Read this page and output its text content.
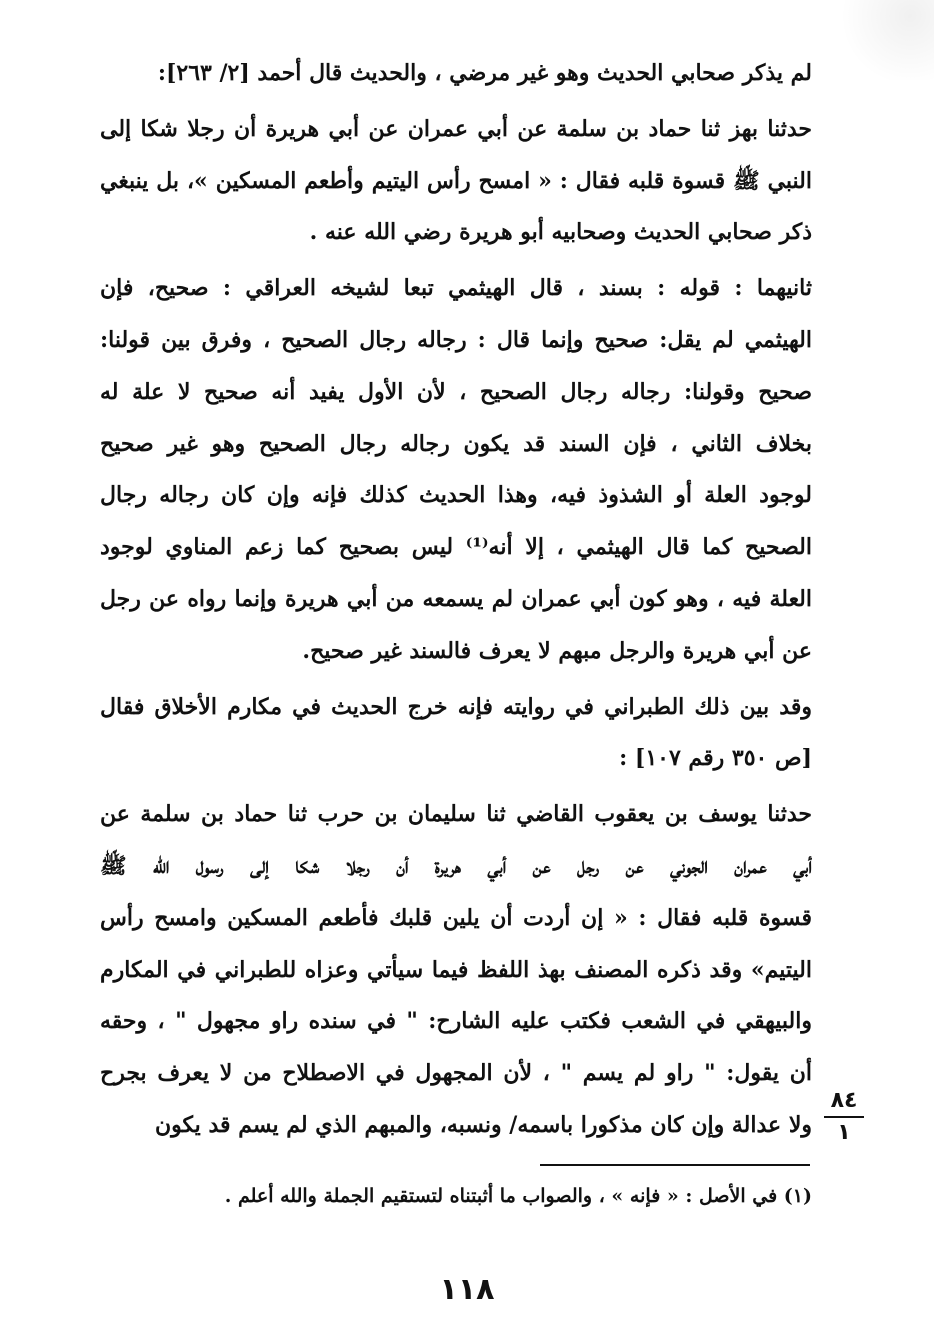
لم يذكر صحابي الحديث وهو غير مرضي ، والحديث قال أحمد [٢/ ٢٦٣]:
حدثنا بهز ثنا حماد بن سلمة عن أبي عمران عن أبي هريرة أن رجلا شكا إلى
النبي ﷺ قسوة قلبه فقال : « امسح رأس اليتيم وأطعم المسكين »، بل ينبغي
ذكر صحابي الحديث وصحابيه أبو هريرة رضي الله عنه .
ثانيهما : قوله : بسند ، قال الهيثمي تبعا لشيخه العراقي : صحيح، فإن
الهيثمي لم يقل: صحيح وإنما قال : رجاله رجال الصحيح ، وفرق بين قولنا:
صحيح وقولنا: رجاله رجال الصحيح ، لأن الأول يفيد أنه صحيح لا علة له
بخلاف الثاني ، فإن السند قد يكون رجاله رجال الصحيح وهو غير صحيح
لوجود العلة أو الشذوذ فيه، وهذا الحديث كذلك فإنه وإن كان رجاله رجال
الصحيح كما قال الهيثمي ، إلا أنه⁽¹⁾ ليس بصحيح كما زعم المناوي لوجود
العلة فيه ، وهو كون أبي عمران لم يسمعه من أبي هريرة وإنما رواه عن رجل
عن أبي هريرة والرجل مبهم لا يعرف فالسند غير صحيح.
وقد بين ذلك الطبراني في روايته فإنه خرج الحديث في مكارم الأخلاق فقال
[ص ٣٥٠ رقم ١٠٧] :
حدثنا يوسف بن يعقوب القاضي ثنا سليمان بن حرب ثنا حماد بن سلمة عن
أبي عمران الجوني عن رجل عن أبي هريرة أن رجلا شكا إلى رسول الله ﷺ
قسوة قلبه فقال : « إن أردت أن يلين قلبك فأطعم المسكين وامسح رأس
اليتيم» وقد ذكره المصنف بهذ اللفظ فيما سيأتي وعزاه للطبراني في المكارم
والبيهقي في الشعب فكتب عليه الشارح: " في سنده راو مجهول " ، وحقه
أن يقول: " راو لم يسم " ، لأن المجهول في الاصطلاح من لا يعرف بجرح
ولا عدالة وإن كان مذكورا باسمه/ ونسبه، والمبهم الذي لم يسم قد يكون
٨٤
١
(١) في الأصل : « فإنه » ، والصواب ما أثبتناه لتستقيم الجملة والله أعلم .
١١٨
